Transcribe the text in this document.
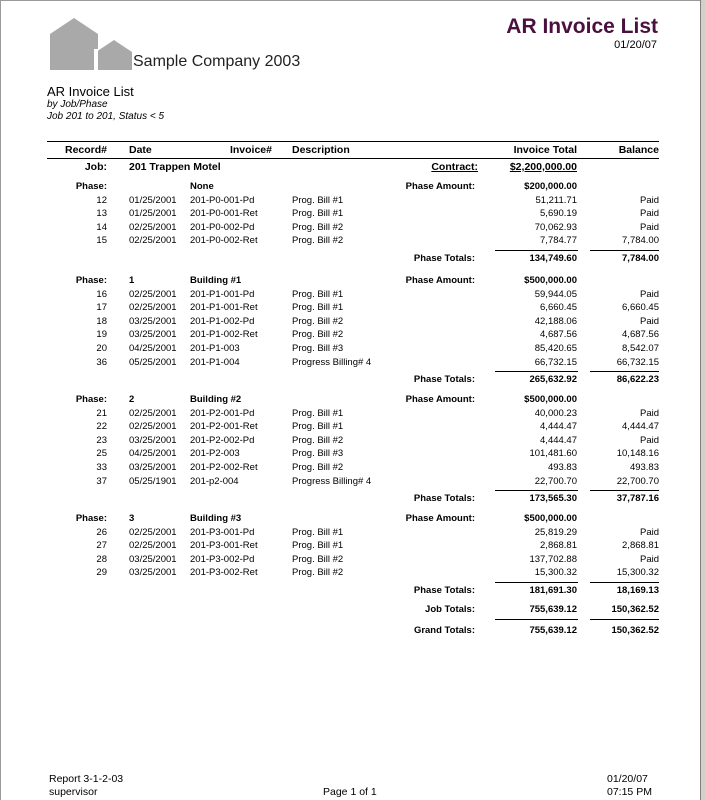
Sample Company 2003
AR Invoice List
01/20/07
AR Invoice List
by Job/Phase
Job 201 to 201, Status < 5
Record# Date	Invoice# Description	Invoice Total	Balance
Job: 201 Trappen Motel	Contract:	$2,200,000.00
Phase:	None	Phase Amount:	$200,000.00
12 01/25/2001 201-P0-001-Pd	Prog. Bill #1	51,211.71	Paid
13 01/25/2001 201-P0-001-Ret	Prog. Bill #1	5,690.19	Paid
14 02/25/2001 201-P0-002-Pd	Prog. Bill #2	70,062.93	Paid
15 02/25/2001 201-P0-002-Ret	Prog. Bill #2	7,784.77	7,784.00
Phase Totals:	134,749.60	7,784.00
Phase: 1	Building #1	Phase Amount:	$500,000.00
16 02/25/2001 201-P1-001-Pd	Prog. Bill #1	59,944.05	Paid
17 02/25/2001 201-P1-001-Ret	Prog. Bill #1	6,660.45	6,660.45
18 03/25/2001 201-P1-002-Pd	Prog. Bill #2	42,188.06	Paid
19 03/25/2001 201-P1-002-Ret	Prog. Bill #2	4,687.56	4,687.56
20 04/25/2001 201-P1-003	Prog. Bill #3	85,420.65	8,542.07
36 05/25/2001 201-P1-004	Progress Billing# 4	66,732.15	66,732.15
Phase Totals:	265,632.92	86,622.23
Phase: 2	Building #2	Phase Amount:	$500,000.00
21 02/25/2001 201-P2-001-Pd	Prog. Bill #1	40,000.23	Paid
22 02/25/2001 201-P2-001-Ret	Prog. Bill #1	4,444.47	4,444.47
23 03/25/2001 201-P2-002-Pd	Prog. Bill #2	4,444.47	Paid
25 04/25/2001 201-P2-003	Prog. Bill #3	101,481.60	10,148.16
33 03/25/2001 201-P2-002-Ret	Prog. Bill #2	493.83	493.83
37 05/25/1901 201-p2-004	Progress Billing# 4	22,700.70	22,700.70
Phase Totals:	173,565.30	37,787.16
Phase: 3	Building #3	Phase Amount:	$500,000.00
26 02/25/2001 201-P3-001-Pd	Prog. Bill #1	25,819.29	Paid
27 02/25/2001 201-P3-001-Ret	Prog. Bill #1	2,868.81	2,868.81
28 03/25/2001 201-P3-002-Pd	Prog. Bill #2	137,702.88	Paid
29 03/25/2001 201-P3-002-Ret	Prog. Bill #2	15,300.32	15,300.32
Phase Totals:	181,691.30	18,169.13
Job Totals:	755,639.12	150,362.52
Grand Totals:	755,639.12	150,362.52
Report 3-1-2-03
supervisor	Page 1 of 1
01/20/07
07:15 PM
